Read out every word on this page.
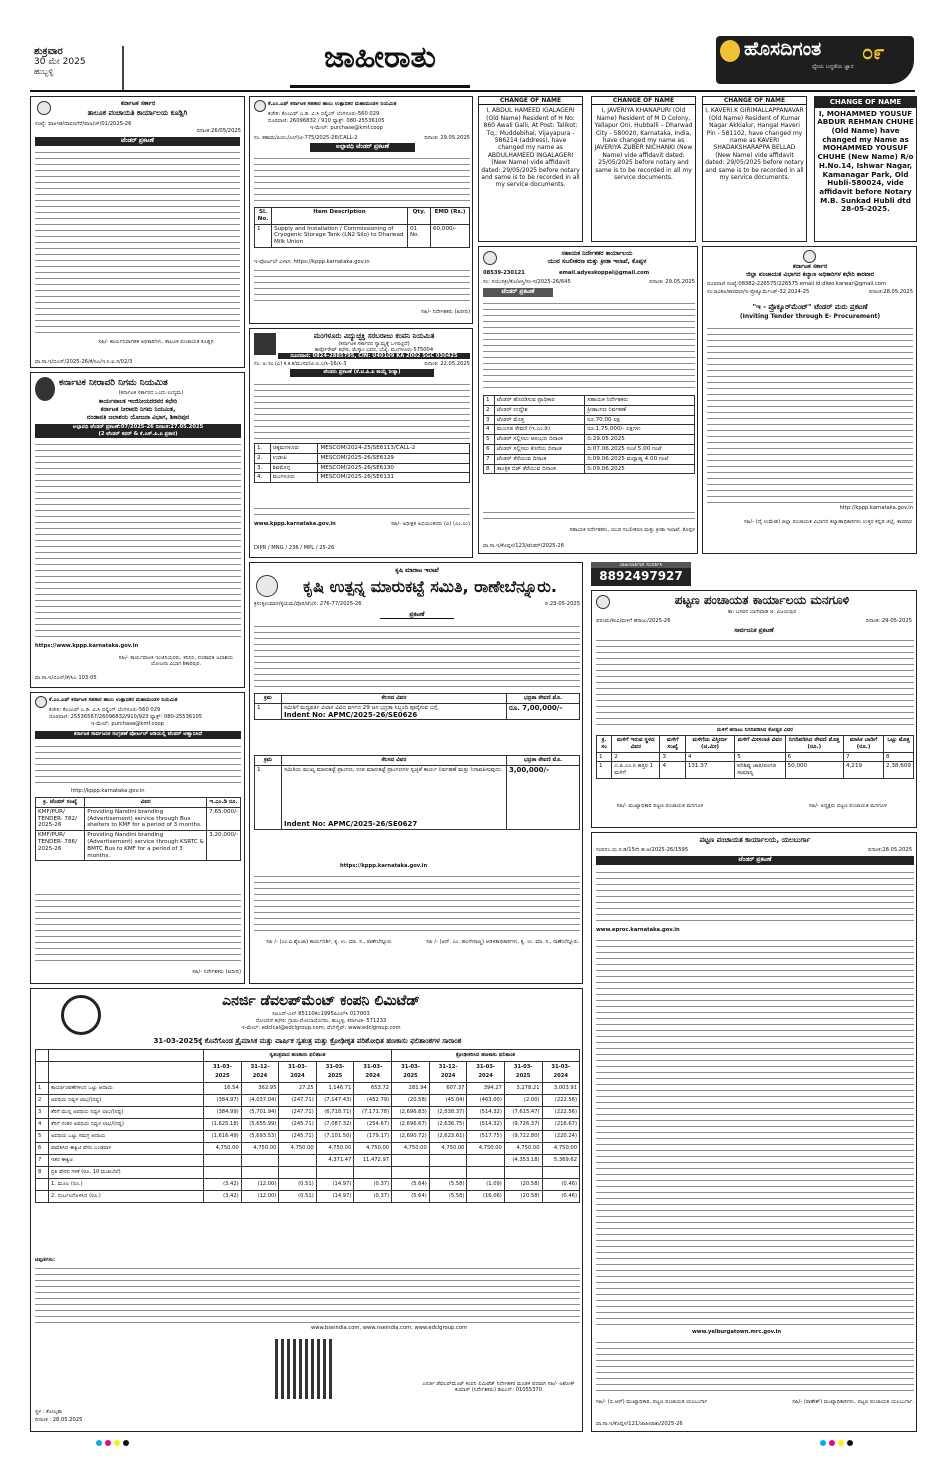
ಶುಕ್ರವಾರ
30 ಮೇ 2025
ಹುಬ್ಬಳ್ಳಿ	ಜಾಹೀರಾತು	ಹೊಸದಿಗಂತ
ಧ್ಯೇಯ ಬದ್ಧತೆಯ ಜ್ಞಾನ
೦೯
ಕರ್ನಾಟಕ ಸರ್ಕಾರ
ತಾಲೂಕ ಪಂಚಾಯತಿ ಕಾರ್ಯಾಲಯ ಕೂಡ್ಲಿಗಿ
ಸಂಖ್ಯೆ: ಪಾಆಇಕ/ದಾವಣಗೆರೆ/ಪಾಅ/ಚ್/01/2025-26
ದಿನಾಂಕ:26/05/2025
ಟೆಂಡರ್ ಪ್ರಕಟಣೆ
ಸಹಿ/- ಕಾರ್ಯನಿರ್ವಾಹಕ ಅಧಿಕಾರಿಗಳು, ತಾಲೂಕ ಪಂಚಾಯತ ಕೂಡ್ಲಿಗಿ
ವಾ.ಸಾ.ಇ/ಬಿಎನ್/2025-26/ಕೆ/ಸಿಎ/ಇ.ಸಿ.ಐ.ಸ/02/3
ಕೆ.ಎಂ.ಎಫ್ ಕರ್ನಾಟಕ ಸಹಕಾರ ಹಾಲು ಉತ್ಪಾದಕರ ಮಹಾಮಂಡಳ ನಿಯಮಿತ
ಕಚೇರಿ: ಕೆಎಂಎಫ್ ಎ.ಡಿ. ವಿ.ಸಿ ಬಿಲ್ಡಿಂಗ್ ಬೆಂಗಳೂರು-560 029
ದೂರವಾಣಿ: 26096832 / 910 ಫ್ಯಾಕ್ಸ್: 080-25536105
ಇ-ಮೇಲ್: purchase@kmf.coop
ಸಂ. ಕಹಾಮ/ಪಿಯು/ಎಲ್/ಟಿ-775/2025-26/CALL-2	ದಿನಾಂಕ: 29.05.2025
ಅಲ್ಪಾವಧಿ ಟೆಂಡರ್ ಪ್ರಕಟಣೆ
Sl. No.	Item Description	Qty.	EMD (Rs.)
1	Supply and Installation / Commissioning of Cryogenic Storage Tank (LN2 Silo) to Dharwad Milk Union	01 No.	60,000/-
ಇ-ಪೋರ್ಟಲ್ ವಿಳಾಸ: https://kppp.karnataka.gov.in
ಸಹಿ/- ನಿರ್ದೇಶಕರು (ಖರೀದಿ)
CHANGE OF NAME
I, ABDUL HAMEED IGALAGERI (Old Name) Resident of H No: 860 Awali Galli, At Post: Talikot: Tq.: Muddebihal, Vijayapura - 586214 (address), have changed my name as ABDULHAMEED INGALAGERI (New Name) vide affidavit dated: 29/05/2025 before notary and same is to be recorded in all my service documents.
CHANGE OF NAME
I, JAVERIYA KHANAPURI (Old Name) Resident of M D Colony, Yallapur Oni, Hubballi – Dharwad City - 580020, Karnataka, India, have changed my name as JAVERIYA ZUBER NICHANKI (New Name) vide affidavit dated: 25/05/2025 before notary and same is to be recorded in all my service documents.
CHANGE OF NAME
I, KAVERI.K GIRIMALLAPPANAVAR (Old Name) Resident of Kumar Nagar Akkialur, Hangal Haveri Pin - 581102, have changed my name as KAVERI SHADAKSHARAPPA BELLAD (New Name) vide affidavit dated: 29/05/2025 before notary and same is to be recorded in all my service documents.
CHANGE OF NAME
I, MOHAMMED YOUSUF ABDUR REHMAN CHUHE (Old Name) have changed my Name as MOHAMMED YOUSUF CHUHE (New Name) R/o H.No.14, Ishwar Nagar, Kamanagar Park, Old Hubli-580024, vide affidavit before Notary M.B. Sunkad Hubli dtd 28-05-2025.
ಸಹಾಯಕ ನಿರ್ದೇಶಕರ ಕಾರ್ಯಾಲಯ
ಯುವ ಸಬಲೀಕರಣ ಮತ್ತು ಕ್ರೀಡಾ ಇಲಾಖೆ, ಕೊಪ್ಪಳ
08539-230121	email.adyeskoppal@gmail.com
ಸಂ: ಸಯುಸಕ್ರೀ/ಕೊ/ಆಸ್ತಿ/ಸಂ-ಸ/2025-26/645	ದಿನಾಂಕ: 29.05.2025
ಟೆಂಡರ್ ಪ್ರಕಟಣೆ
1	ಟೆಂಡರ್ ಹೊರಡಿಸುವ ಪ್ರಾಧಿಕಾರ	ಸಹಾಯಕ ನಿರ್ದೇಶಕರು
2	ಟೆಂಡರ್ ಉದ್ದೇಶ	ಕ್ರೀಡಾಂಗಣ ನಿರ್ವಹಣೆ
3	ಟೆಂಡರ್ ಮೊತ್ತ	ರೂ.70.00 ಲಕ್ಷ
4	ಮುಂಗಡ ಠೇವಣಿ (ಇ.ಎಂ.ಡಿ)	ರೂ.1,75,000/- ಲಕ್ಷಗಳು
5	ಟೆಂಡರ್ ಸಲ್ಲಿಸಲು ಆರಂಭದ ದಿನಾಂಕ	ದಿ:29.05.2025
6	ಟೆಂಡರ್ ಸಲ್ಲಿಸಲು ಕೊನೆಯ ದಿನಾಂಕ	ದಿ:07.06.2025 ಸಂಜೆ 5.00 ಗಂಟೆ
7	ಟೆಂಡರ್ ತೆರೆಯುವ ದಿನಾಂಕ	ದಿ:09.06.2025 ಮಧ್ಯಾಹ್ನ 4.00 ಗಂಟೆ
8	ತಾಂತ್ರಿಕ ಬಿಡ್ ತೆರೆಯುವ ದಿನಾಂಕ	ದಿ:09.06.2025
ಸಹಾಯಕ ನಿರ್ದೇಶಕರು, ಯುವ ಸಬಲೀಕರಣ ಮತ್ತು ಕ್ರೀಡಾ ಇಲಾಖೆ, ಕೊಪ್ಪಳ
ವಾ.ಸಾ.ಇ/ಕೊಪ್ಪಳ/123/ಟೆಂಡರ್/2025-26
ಕರ್ನಾಟಕ ಸರ್ಕಾರ
ಜಿಲ್ಲಾ ಪಂಚಾಯತ ವಿಭಾಗದ ಕಲ್ಯಾಣ ಅಧಿಕಾರಿಗಳ ಕಛೇರಿ ಕಾರವಾರ
ದೂರವಾಣಿ ಸಂಖ್ಯೆ:08382-226575/226575 email id:dlwo.karwar@gmail.com
ಸಂ:ಜಿವಿಕಅ/ಕಾರವಾರ/ಇ-ಪ್ರೊಕ್ಯೂರ್ಮೆಂಟ್-32 2024-25	ದಿನಾಂಕ:28.05.2025
"ಇ - ಪ್ರೊಕ್ಯೂರ್‌ಮೆಂಟ್" ಟೆಂಡರ್ ಮರು ಪ್ರಕಟಣೆ
(Inviting Tender through E- Procurement)
http://kppp.karnataka.gov.in
ಸಹಿ/- (ದೈ ಉಮೇಶ) ಜಿಲ್ಲಾ ಪಂಚಾಯತ ವಿಭಾಗದ ಕಲ್ಯಾಣಾಧಿಕಾರಿಗಳು ಉತ್ತರ ಕನ್ನಡ ಜಿಲ್ಲೆ, ಕಾರವಾರ
ಮಂಗಳೂರು ವಿದ್ಯುಚ್ಛಕ್ತಿ ಸರಬರಾಜು ಕಂಪನಿ ನಿಯಮಿತ
(ಕರ್ನಾಟಕ ಸರ್ಕಾರದ ಸ್ವಾಮ್ಯಕ್ಕೆ ಒಳಪಟ್ಟಿದೆ)
ಕಾರ್ಪೊರೇಟ್ ಕಛೇರಿ, ಮೆಸ್ಕಾಂ ಭವನ, ಬೆಜೈ, ಮಂಗಳೂರು-575004
ದೂರವಾಣಿ: 0824-2885795, CIN: U40109 KA 2002 SGC 030425
ಸಂ: ಅ.ಇಂ.(ವಿ) ಕ.ಕ.ಕ/ಮುಸವ/ಟಿ.ಟಿ.ಎ/ಸಿ-16/ಸಿ-3	ದಿನಾಂಕ: 22.05.2025
ಟೆಂಡರು ಪ್ರಕಟಣೆ (ಕೆ.ಟಿ.ಪಿ.ಪಿ ಕಾಯ್ದೆ ರೀತ್ಯಾ)
1.	ಚಿಕ್ಕಮಗಳೂರು	MESCOM/2024-25/SE6113/CALL-2
2.	ಉಡುಪಿ	MESCOM/2025-26/SE6129
3.	ಶಿವಮೊಗ್ಗ	MESCOM/2025-26/SE6130
4.	ಮಂಗಳೂರು	MESCOM/2025-26/SE6131
www.kppp.karnataka.gov.in	ಸಹಿ/- ಅಧೀಕ್ಷಕ ಅಭಿಯಂತರರು (ವಿ) (ಎಂ.ಎಂ)
DIPR / MNG / 236 / MPL / 25-26
ಕರ್ನಾಟಕ ನೀರಾವರಿ ನಿಗಮ ನಿಯಮಿತ
(ಕರ್ನಾಟಕ ಸರ್ಕಾರದ ಒಂದು ಉದ್ಯಮ)
ಕಾರ್ಯಪಾಲಕ ಇಂಜಿನೀಯರರವರ ಕಛೇರಿ
ಕರ್ನಾಟಕ ನೀರಾವರಿ ನಿಗಮ ನಿಯಮಿತ,
ದಂಡಾವತಿ ಜಲಾಶಯ ಯೋಜನಾ ವಿಭಾಗ, ಶಿಕಾರಿಪುರ
ಅಲ್ಪಾವಧಿ ಟೆಂಡರ್ ಪ್ರಕಟಣೆ:07/2025-26 ದಿನಾಂಕ:27.05.2025
(2 ಟೆಂಡರ್ ಕವರ್ & ಕೆ.ಎಸ್.ಪಿ.ಪಿ ಪ್ರಕಾರ)
https://www.kppp.karnataka.gov.in
ಸಹಿ/- ಕಾರ್ಯಪಾಲಕ ಇಂಜಿನಿಯರರು, ಕನಿನಿನಿ, ದಂಡಾವತಿ ಜಲಾಶಯ ಯೋಜನಾ ವಿಭಾಗ ಶಿಕಾರಿಪುರ.
ವಾ.ಸಾ.ಇ/ಬಿಎನ್/ಕೆ/ಸಿಎ 103-05
ಕೆ.ಎಂ.ಎಫ್ ಕರ್ನಾಟಕ ಸಹಕಾರ ಹಾಲು ಉತ್ಪಾದಕರ ಮಹಾಮಂಡಳ ನಿಯಮಿತ
ಕಚೇರಿ: ಕೆಎಂಎಫ್ ಎ.ಡಿ. ವಿ.ಸಿ ಬಿಲ್ಡಿಂಗ್ ಬೆಂಗಳೂರು-560 029
ದೂರವಾಣಿ: 25536567/26096832/910/923 ಫ್ಯಾಕ್ಸ್: 080-25536105
ಇ-ಮೇಲ್: purchase@kmf.coop
ಕರ್ನಾಟಕ ಸಾರ್ವಜನಿಕ ಸಂಗ್ರಹಣೆ ಪೋರ್ಟಲ್ ಅಡಿಯಲ್ಲಿ ಟೆಂಡರ್ ಆಹ್ವಾನಿಸಿದೆ
http://kppp.karnataka.gov.in
ಕ್ರ. ಟೆಂಡರ್ ಸಂಖ್ಯೆ	ವಿವರ	ಇ.ಎಂ.ಡಿ ರೂ.
KMF/PUR/ TENDER- 782/ 2025-26	Providing Nandini branding (Advertisement) service through Bus shelters to KMF for a period of 3 months.	7,65,000/-
KMF/PUR/ TENDER- 786/ 2025-26	Providing Nandini branding (Advertisement) service through KSRTC & BMTC Bus to KMF for a period of 3 months.	3,20,000/-
ಸಹಿ/- ನಿರ್ದೇಶಕರು (ಖರೀದಿ)
ಕೃಷಿ ಮಾರಾಟ ಇಲಾಖೆ
ಕೃಷಿ ಉತ್ಪನ್ನ ಮಾರುಕಟ್ಟೆ ಸಮಿತಿ, ರಾಣೇಬೆನ್ನೂರು.
ಕ್ರಸಂಕೃಉಮಾಸ/ಕೃಯಮ/ಪೊಠ/ಟೆಂ/ಸ: 276-77/2025-26	ದಿ:23-05-2025
ಪ್ರಕಟಣೆ
ಕ್ರಮ	ಕೆಲಸದ ವಿವರ	ಭದ್ರತಾ ಠೇವಣಿ ಮೊ.
1	ಸಮಿತಿಗೆ ಮಧ್ಯವರ್ತಿ ವಿಲಾಸ ವಿವಿಧ ವರ್ಗದ 29 ಜನ ಭದ್ರತಾ ಸಿಬ್ಬಂದಿ ಪೂರೈಸುವ ಬಗ್ಗೆ.
Indent No: APMC/2025-26/SE0626	ರೂ. 7,00,000/-
ಕ್ರಮ	ಕೆಲಸದ ವಿವರ	ಭದ್ರತಾ ಠೇವಣಿ ಮೊ.
1	ಸಮಿತಿಯ ಮುಖ್ಯ ಮಾರುಕಟ್ಟೆ ಪ್ರಾಂಗಣ, ಉಪ ಮಾರುಕಟ್ಟೆ ಪ್ರಾಂಗಣಗಳ ಸ್ವಚ್ಛತೆ ಕಾರ್ಯ ನಿರ್ವಹಣೆ ಮತ್ತು ನಿಗಾವಹಿಸುವುದು.
Indent No: APMC/2025-26/SE0627	3,00,000/-
https://kppp.karnataka.gov.in
ಸಹಿ /- (ಎಂ.ವಿ.ಶೈಲಜಾ) ಕಾರ್ಯದರ್ಶಿ, ಕೃ. ಉ. ಮಾ. ಸ., ರಾಣೇಬೆನ್ನೂರು	ಸಹಿ /- (ಆರ್. ಎಂ. ಹಲಗೇರಾಣ್ಣ) ಆಡಳಿತಾಧಿಕಾರಿಗಳು, ಕೃ. ಉ. ಮಾ. ಸ., ರಾಣೇಬೆನ್ನೂರು.
ಜಾಹೀರಾತಿಗಾಗಿ ಸಂಪರ್ಕಿಸಿ
8892497927
ಪಟ್ಟಣ ಪಂಚಾಯತ ಕಾರ್ಯಾಲಯ ಮನಗೂಳಿ
ತಾ: ಬಸವನ ಬಾಗೇವಾಡಿ ಜಿ: ವಿಜಯಪುರ
ಪಪಂಮ/ಕಂವಿ/ಮಳಿಗೆ ಹರಾಜು/2025-26	ದಿನಾಂಕ: 29-05-2025
ಸಾರ್ವಜನಿಕ ಪ್ರಕಟಣೆ
ಮಳಿಗೆ ಹರಾಜು ನಿಗದಿಪಡಿಸಿದ ಕೋಷ್ಟಕ ವಿವರ
ಕ್ರ. ಸಂ	ಮಳಿಗೆ ಇರುವ ಸ್ಥಳದ ವಿವರ	ಮಳಿಗೆ ಸಂಖ್ಯೆ	ಮಳಿಗೆಯ ವಿಸ್ತೀರ್ಣ (ಚ.ಮೀ)	ಮಳಿಗೆ ಮೀಸಲಾತಿ ವಿವರ	ನಿಗದಿಪಡಿಸಿದ ಠೇವಣಿ ಮೊತ್ತ (ರೂ.)	ಮಾಸಿಕ ಬಾಡಿಗೆ (ರೂ.)	ಒಟ್ಟು ಮೊತ್ತ
1	2	3	4	5	6	7	8
1	ಎ.ಪಿ.ಎಂ.ಸಿ ಹತ್ತಿರ 1 ಮಳಿಗೆ	4	131.37	ಪರಿಶಿಷ್ಟ ಜಾತಿ/ಪಂಗಡ ಸಾಮಾನ್ಯ	50,000	4,219	2,38,609
ಸಹಿ/- ಮುಖ್ಯಾಧಿಕಾರಿ ಪಟ್ಟಣ ಪಂಚಾಯತ ಮನಗೂಳಿ	ಸಹಿ/- ಅಧ್ಯಕ್ಷರು ಪಟ್ಟಣ ಪಂಚಾಯತ ಮನಗೂಳಿ
ಪಟ್ಟಣ ಪಂಚಾಯತ ಕಾರ್ಯಾಲಯ, ಯಲಬುರ್ಗಾ
ಸಂಪಪಂ.ಯ.ರ.ಡಿ/15ನೇ ಹ.ಆ/2025-26/1595	ದಿನಾಂಕ:28.05.2025
ಟೆಂಡರ್ ಪ್ರಕಟಣೆ
www.eproc.karnataka.gov.in
www.yelburgatown.mrc.gov.in
ಸಹಿ/- (ಬಿ.ಆರ್) ಮುಖ್ಯಾಧಿಕಾರಿ, ಪಟ್ಟಣ ಪಂಚಾಯತ ಯಲಬುರ್ಗಾ	ಸಹಿ/- (ರಾಣೇಶ್) ಮುಖ್ಯಾಧಿಕಾರಿಗಳು, ಪಟ್ಟಣ ಪಂಚಾಯತ ಯಲಬುರ್ಗಾ.
ವಾ.ಸಾ.ಇ/ಕೊಪ್ಪಳ/121/ಜಾಹೀರಾತು/2025-26
ಎನರ್ಜಿ ಡೆವಲಪ್‌ಮೆಂಟ್ ಕಂಪನಿ ಲಿಮಿಟೆಡ್
ಸಿಐಎನ್-ಎಲ್ 85110ಕೆಎ1995ಪಿಎಲ್‌ಸಿ 017003
ನೋಂದಣಿ ಕಛೇರಿ: ಗ್ರಾಮ-ಮೋಬಾಯೊಗರು, ಹುಬ್ಬಳ್ಳಿ, ಕರ್ನಾಟಕ- 571233
ಇ-ಮೇಲ್: edclcal@edclgroup.com, ವೆಬ್‌ಸೈಟ್: www.edclgroup.com
31-03-2025ಕ್ಕೆ ಕೊನೆಗೊಂಡ ತ್ರೈಮಾಸಿಕ ಮತ್ತು ವಾರ್ಷಿಕ ಸ್ವತಂತ್ರ ಮತ್ತು ಕ್ರೋಢೀಕೃತ ಪರಿಶೋಧಿತ ಹಣಕಾಸು ಫಲಿತಾಂಶಗಳ ಸಾರಾಂಶ
		ಸ್ವತಂತ್ರವಾದ ಹಣಕಾಸು ಫಲಿತಾಂಶ					ಕ್ರೋಢೀಕರಿಸಿದ ಹಣಕಾಸು ಫಲಿತಾಂಶ				
		31-03-2025	31-12-2024	31-03-2024	31-03-2025	31-03-2024	31-03-2025	31-12-2024	31-03-2024	31-03-2025	31-03-2024
1	ಕಾರ್ಯಾಚರಣೆಗಳಿಂದ ಒಟ್ಟು ಆದಾಯ	16.54	362.95	27.25	1,146.71	653.72	281.94	607.37	394.27	3,278.21	3,003.91
2	ಅವಧಿಯ ನಿವ್ವಳ ಲಾಭ/(ನಷ್ಟ)	(384.97)	(4,037.04)	(247.71)	(7,147.43)	(452.79)	(20.58)	(45.04)	(463.00)	(2.00)	(222.56)
3	ತೆರಿಗೆ ಮುನ್ನ ಅವಧಿಯ ನಿವ್ವಳ ಲಾಭ/(ನಷ್ಟ)	(384.99)	(5,701.94)	(247.71)	(6,718.71)	(7,171.78)	(2,696.83)	(2,538.37)	(514.32)	(7,615.47)	(222.56)
4	ತೆರಿಗೆ ನಂತರ ಅವಧಿಯ ನಿವ್ವಳ ಲಾಭ/(ನಷ್ಟ)	(1,625.18)	(5,655.99)	(245.71)	(7,087.32)	(254.67)	(2,696.67)	(2,636.75)	(514.32)	(9,726.37)	(216.67)
5	ಅವಧಿಯ ಒಟ್ಟು ಸಮಗ್ರ ಆದಾಯ	(1,616.49)	(5,693.53)	(245.71)	(7,101.50)	(179.17)	(2,690.72)	(2,623.61)	(517.75)	(9,722.80)	(220.24)
6	ಪಾವತಿಸಿದ ಈಕ್ವಿಟಿ ಷೇರು ಬಂಡವಾಳ	4,750.00	4,750.00	4,750.00	4,750.00	4,750.00	4,750.00	4,750.00	4,750.00	4,750.00	4,750.00
7	ಇತರ ಈಕ್ವಿಟಿ				4,371.47	11,472.97				(4,353.18)	5,369.62
8	ಪ್ರತಿ ಷೇರಿನ ಗಳಿಕೆ (ರೂ. 10 ಮುಖಬೆಲೆ)										
	1. ಮೂಲ (ರೂ.)	(3.42)	(12.00)	(0.51)	(14.97)	(0.37)	(5.64)	(5.58)	(1.09)	(20.58)	(0.46)
	2. ದುರ್ಬಲಗೊಳಿಸಿದ (ರೂ.)	(3.42)	(12.00)	(0.51)	(14.97)	(0.37)	(5.64)	(5.58)	(16.06)	(20.58)	(0.46)
ಟಿಪ್ಪಣಿಗಳು:
www.bseindia.com, www.nseindia.com, www.edclgroup.com
ಸ್ಥಳ : ಕೋಲ್ಕತಾ
ದಿನಾಂಕ : 28.05.2025
ಎನರ್ಜಿ ಡೆವಲಪ್‌ಮೆಂಟ್ ಕಂಪನಿ ಲಿಮಿಟೆಡ್ ನಿರ್ದೇಶಕರ ಮಂಡಳಿ ಪರವಾಗಿ ಸಹಿ/- ಅಶೋಕ್ ಕುಮಾರ್ (ನಿರ್ದೇಶಕರು) ಡಿಐಎನ್: 01055370
